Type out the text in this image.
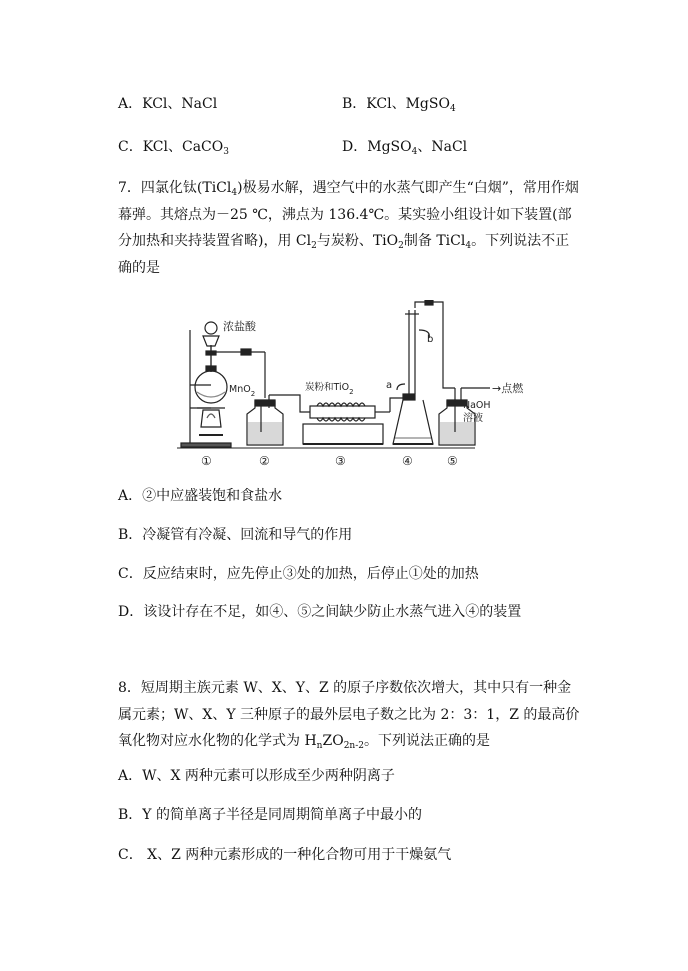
A．KCl、NaCl	B．KCl、MgSO$_4$
C．KCl、CaCO$_3$	D．MgSO$_4$、NaCl
7．四氯化钛(TiCl$_4$)极易水解，遇空气中的水蒸气即产生“白烟”，常用作烟幕弹。其熔点为－25 ℃，沸点为 136.4℃。某实验小组设计如下装置(部分加热和夹持装置省略)，用 $Cl_2$与炭粉、TiO$_2$制备 TiCl$_4$。下列说法不正确的是
浓盐酸
MnO$_2$
炭粉和TiO$_2$
a
b
→点燃
NaOH
溶液
①	②	③	④	⑤
A．②中应盛装饱和食盐水
B．冷凝管有冷凝、回流和导气的作用
C．反应结束时，应先停止③处的加热，后停止①处的加热
D．该设计存在不足，如④、⑤之间缺少防止水蒸气进入④的装置
8．短周期主族元素 W、X、Y、Z 的原子序数依次增大，其中只有一种金属元素；W、X、Y 三种原子的最外层电子数之比为 2：3：1，Z 的最高价氧化物对应水化物的化学式为 $H_nZO_{2n-2}$。下列说法正确的是
A．W、X 两种元素可以形成至少两种阴离子
B．Y 的简单离子半径是同周期简单离子中最小的
C． X、Z 两种元素形成的一种化合物可用于干燥氨气
